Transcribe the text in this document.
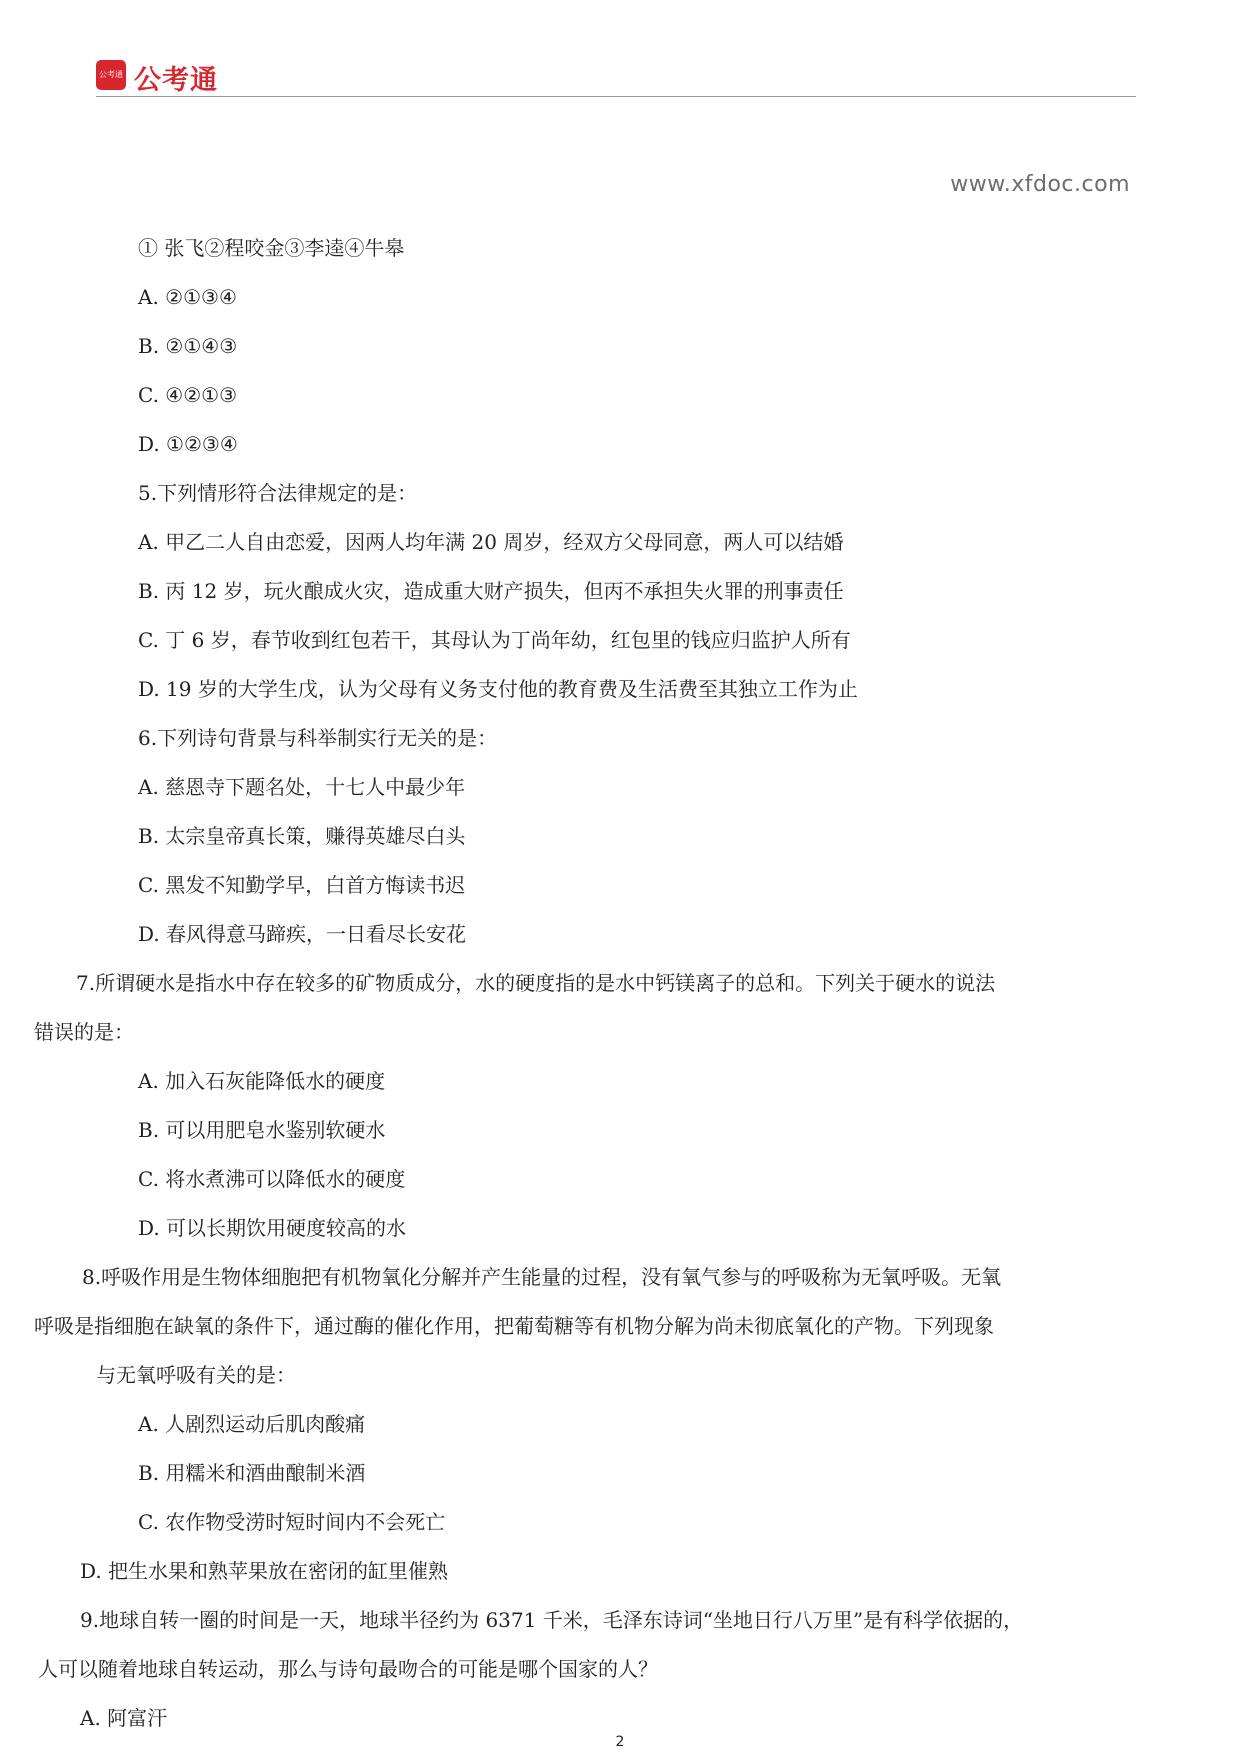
公考通 公考通
www.xfdoc.com
① 张飞②程咬金③李逵④牛皋
A. ②①③④
B. ②①④③
C. ④②①③
D. ①②③④
5.下列情形符合法律规定的是：
A. 甲乙二人自由恋爱，因两人均年满 20 周岁，经双方父母同意，两人可以结婚
B. 丙 12 岁，玩火酿成火灾，造成重大财产损失，但丙不承担失火罪的刑事责任
C. 丁 6 岁，春节收到红包若干，其母认为丁尚年幼，红包里的钱应归监护人所有
D. 19 岁的大学生戊，认为父母有义务支付他的教育费及生活费至其独立工作为止
6.下列诗句背景与科举制实行无关的是：
A. 慈恩寺下题名处，十七人中最少年
B. 太宗皇帝真长策，赚得英雄尽白头
C. 黑发不知勤学早，白首方悔读书迟
D. 春风得意马蹄疾，一日看尽长安花
7.所谓硬水是指水中存在较多的矿物质成分，水的硬度指的是水中钙镁离子的总和。下列关于硬水的说法
错误的是：
A. 加入石灰能降低水的硬度
B. 可以用肥皂水鉴别软硬水
C. 将水煮沸可以降低水的硬度
D. 可以长期饮用硬度较高的水
8.呼吸作用是生物体细胞把有机物氧化分解并产生能量的过程，没有氧气参与的呼吸称为无氧呼吸。无氧
呼吸是指细胞在缺氧的条件下，通过酶的催化作用，把葡萄糖等有机物分解为尚未彻底氧化的产物。下列现象
与无氧呼吸有关的是：
A. 人剧烈运动后肌肉酸痛
B. 用糯米和酒曲酿制米酒
C. 农作物受涝时短时间内不会死亡
D. 把生水果和熟苹果放在密闭的缸里催熟
9.地球自转一圈的时间是一天，地球半径约为 6371 千米，毛泽东诗词“坐地日行八万里”是有科学依据的，
人可以随着地球自转运动，那么与诗句最吻合的可能是哪个国家的人？
A. 阿富汗
2
